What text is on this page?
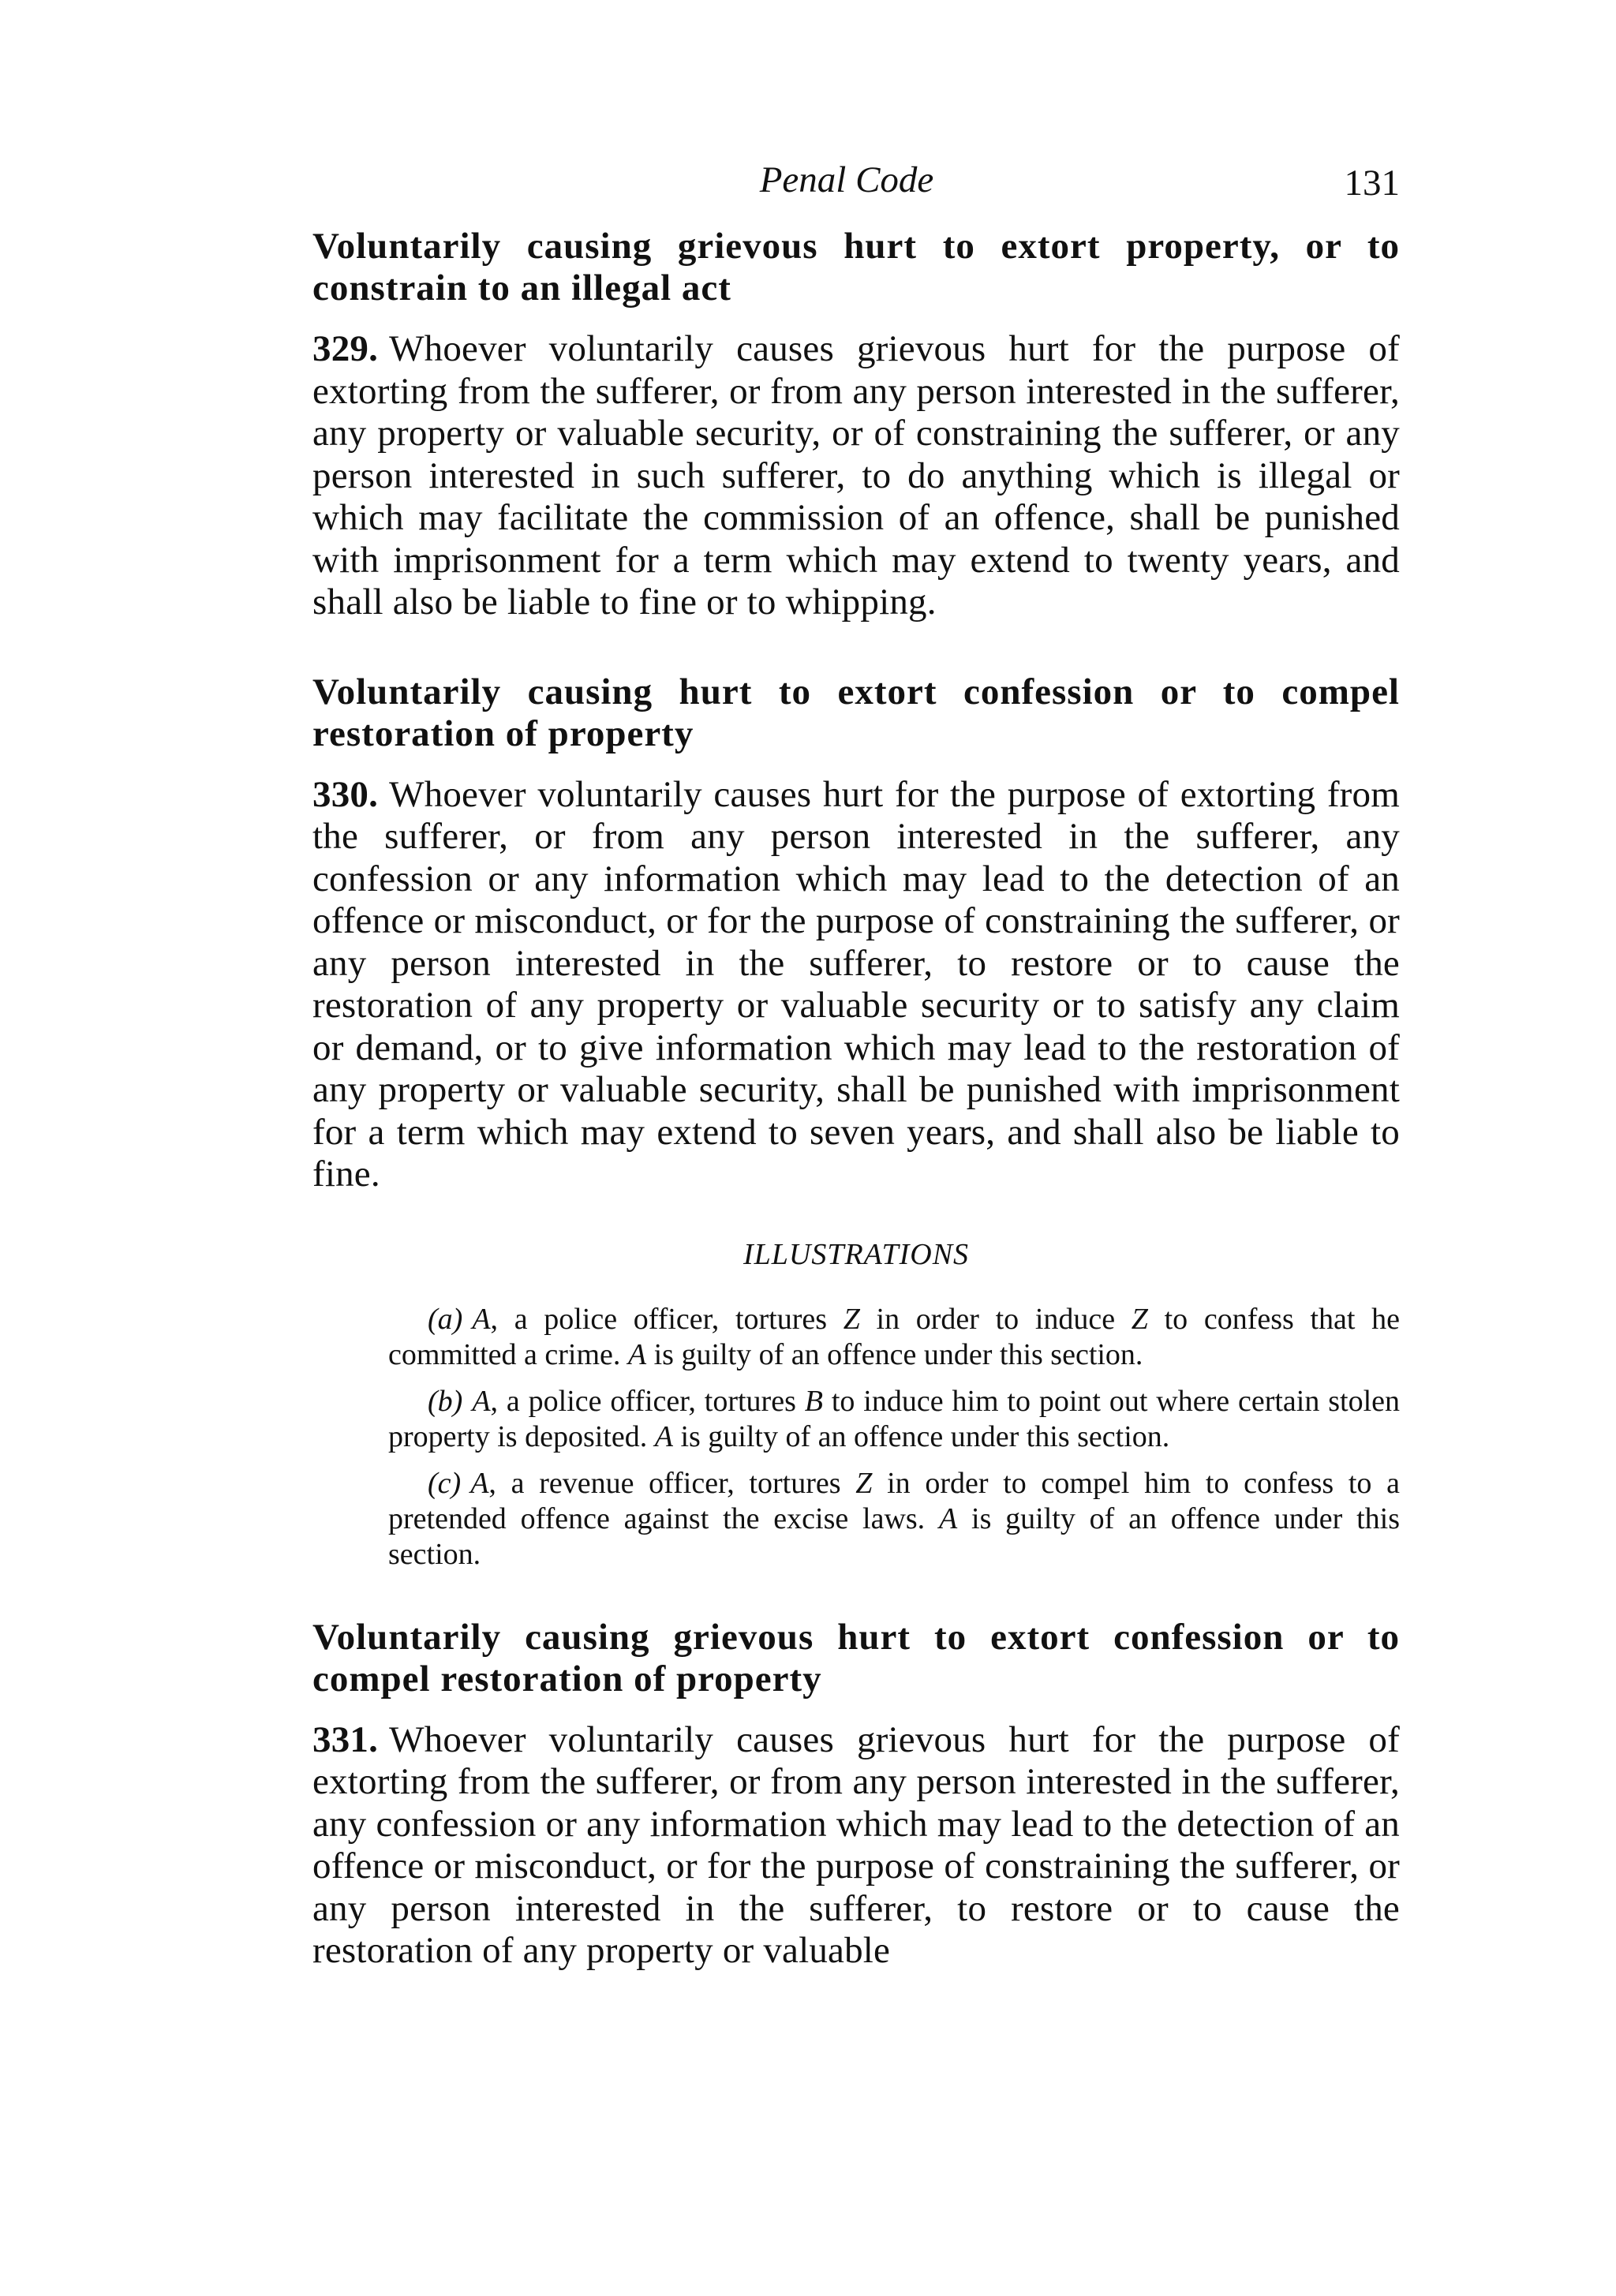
Penal Code	131
Voluntarily causing grievous hurt to extort property, or to constrain to an illegal act

329. Whoever voluntarily causes grievous hurt for the purpose of extorting from the sufferer, or from any person interested in the sufferer, any property or valuable security, or of constraining the sufferer, or any person interested in such sufferer, to do anything which is illegal or which may facilitate the commission of an offence, shall be punished with imprisonment for a term which may extend to twenty years, and shall also be liable to fine or to whipping.

Voluntarily causing hurt to extort confession or to compel restoration of property

330. Whoever voluntarily causes hurt for the purpose of extorting from the sufferer, or from any person interested in the sufferer, any confession or any information which may lead to the detection of an offence or misconduct, or for the purpose of constraining the sufferer, or any person interested in the sufferer, to restore or to cause the restoration of any property or valuable security or to satisfy any claim or demand, or to give information which may lead to the restoration of any property or valuable security, shall be punished with imprisonment for a term which may extend to seven years, and shall also be liable to fine.

ILLUSTRATIONS

(a) A, a police officer, tortures Z in order to induce Z to confess that he committed a crime. A is guilty of an offence under this section.

(b) A, a police officer, tortures B to induce him to point out where certain stolen property is deposited. A is guilty of an offence under this section.

(c) A, a revenue officer, tortures Z in order to compel him to confess to a pretended offence against the excise laws. A is guilty of an offence under this section.

Voluntarily causing grievous hurt to extort confession or to compel restoration of property

331. Whoever voluntarily causes grievous hurt for the purpose of extorting from the sufferer, or from any person interested in the sufferer, any confession or any information which may lead to the detection of an offence or misconduct, or for the purpose of constraining the sufferer, or any person interested in the sufferer, to restore or to cause the restoration of any property or valuable
